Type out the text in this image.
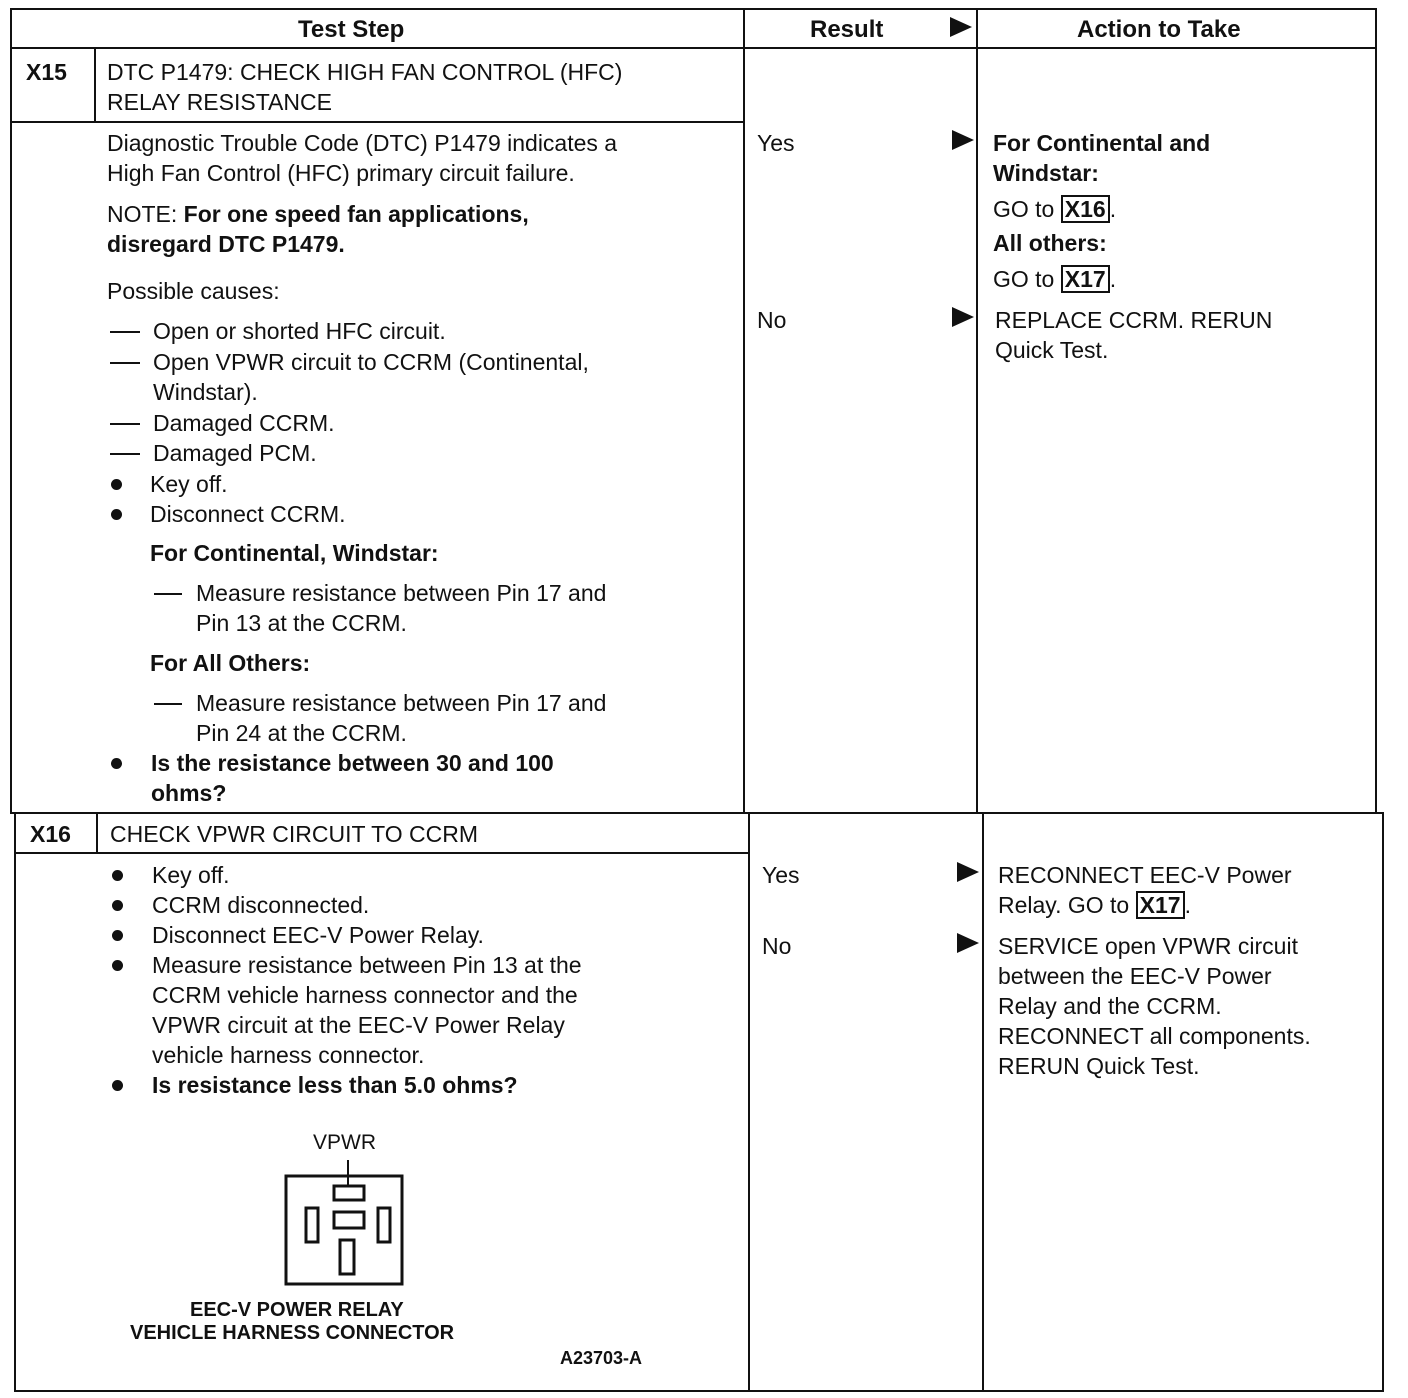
Test Step	Result	Action to Take
X15 DTC P1479: CHECK HIGH FAN CONTROL (HFC)
RELAY RESISTANCE
Diagnostic Trouble Code (DTC) P1479 indicates a
High Fan Control (HFC) primary circuit failure.
NOTE: For one speed fan applications,
disregard DTC P1479.
Possible causes:
Open or shorted HFC circuit.
Open VPWR circuit to CCRM (Continental,
Windstar).
Damaged CCRM.
Damaged PCM.
Key off.
Disconnect CCRM.
For Continental, Windstar:
Measure resistance between Pin 17 and
Pin 13 at the CCRM.
For All Others:
Measure resistance between Pin 17 and
Pin 24 at the CCRM.
Is the resistance between 30 and 100
ohms?
Yes	For Continental and
Windstar:
GO to X16 .
All others:
GO to X17 .
No	REPLACE CCRM. RERUN
Quick Test.
X16 CHECK VPWR CIRCUIT TO CCRM
Key off.
CCRM disconnected.
Disconnect EEC-V Power Relay.
Measure resistance between Pin 13 at the
CCRM vehicle harness connector and the
VPWR circuit at the EEC-V Power Relay
vehicle harness connector.
Is resistance less than 5.0 ohms?
VPWR
EEC-V POWER RELAY
VEHICLE HARNESS CONNECTOR
A23703-A
Yes	RECONNECT EEC-V Power
Relay. GO to X17 .
No	SERVICE open VPWR circuit
between the EEC-V Power
Relay and the CCRM.
RECONNECT all components.
RERUN Quick Test.
